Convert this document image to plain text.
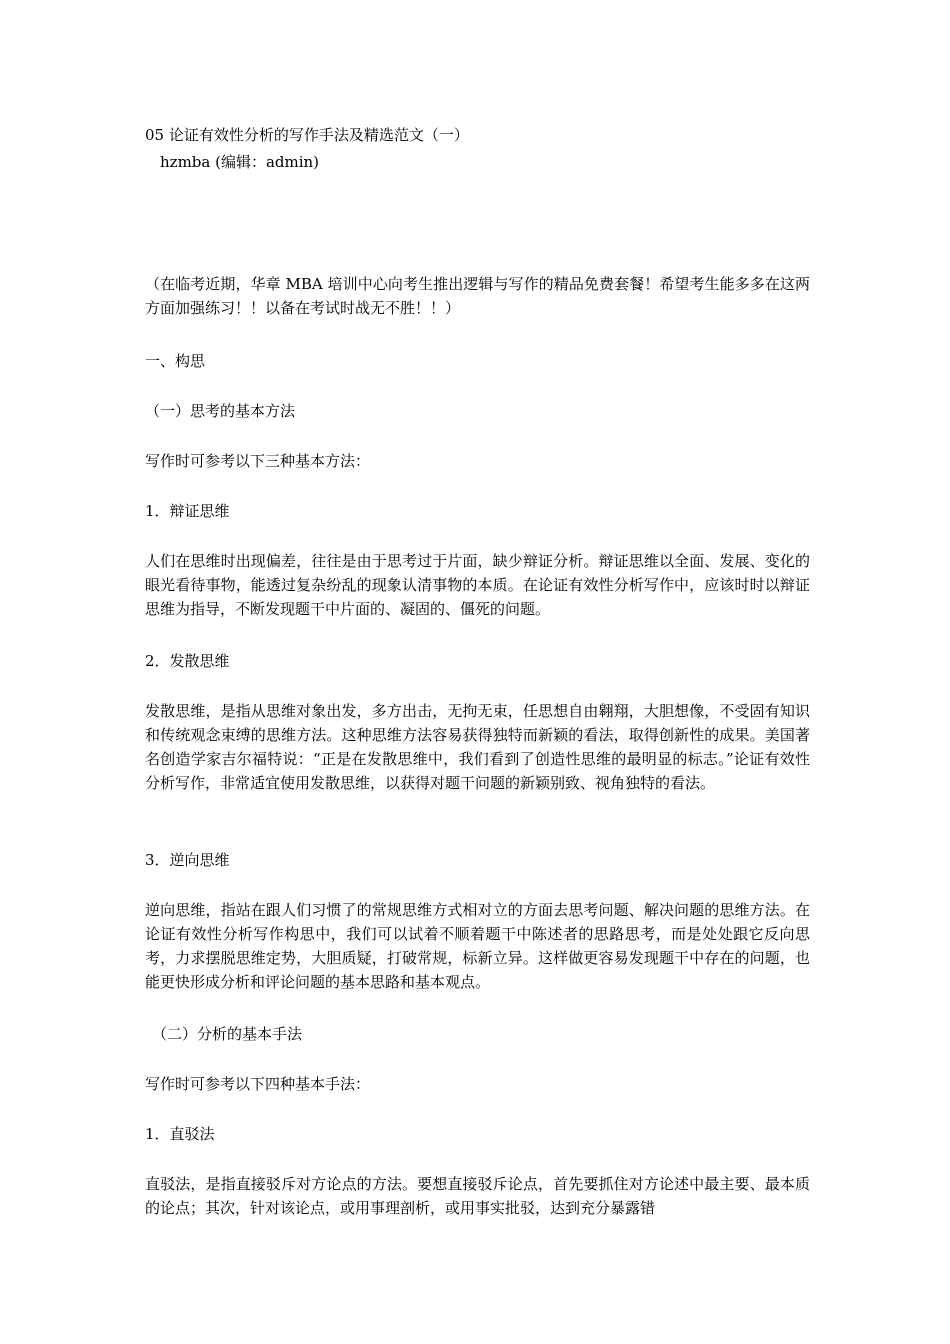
05 论证有效性分析的写作手法及精选范文（一）
hzmba (编辑：admin)
（在临考近期，华章 MBA 培训中心向考生推出逻辑与写作的精品免费套餐！希望考生能多多在这两方面加强练习！！以备在考试时战无不胜！！）
一、构思
（一）思考的基本方法
写作时可参考以下三种基本方法：
1．辩证思维
人们在思维时出现偏差，往往是由于思考过于片面，缺少辩证分析。辩证思维以全面、发展、变化的眼光看待事物，能透过复杂纷乱的现象认清事物的本质。在论证有效性分析写作中，应该时时以辩证思维为指导，不断发现题干中片面的、凝固的、僵死的问题。
2．发散思维
发散思维，是指从思维对象出发，多方出击，无拘无束，任思想自由翱翔，大胆想像，不受固有知识和传统观念束缚的思维方法。这种思维方法容易获得独特而新颖的看法，取得创新性的成果。美国著名创造学家吉尔福特说：“正是在发散思维中，我们看到了创造性思维的最明显的标志。”论证有效性分析写作，非常适宜使用发散思维，以获得对题干问题的新颖别致、视角独特的看法。
3．逆向思维
逆向思维，指站在跟人们习惯了的常规思维方式相对立的方面去思考问题、解决问题的思维方法。在论证有效性分析写作构思中，我们可以试着不顺着题干中陈述者的思路思考，而是处处跟它反向思考，力求摆脱思维定势，大胆质疑，打破常规，标新立异。这样做更容易发现题干中存在的问题，也能更快形成分析和评论问题的基本思路和基本观点。
（二）分析的基本手法
写作时可参考以下四种基本手法：
1．直驳法
直驳法，是指直接驳斥对方论点的方法。要想直接驳斥论点，首先要抓住对方论述中最主要、最本质的论点；其次，针对该论点，或用事理剖析，或用事实批驳，达到充分暴露错
